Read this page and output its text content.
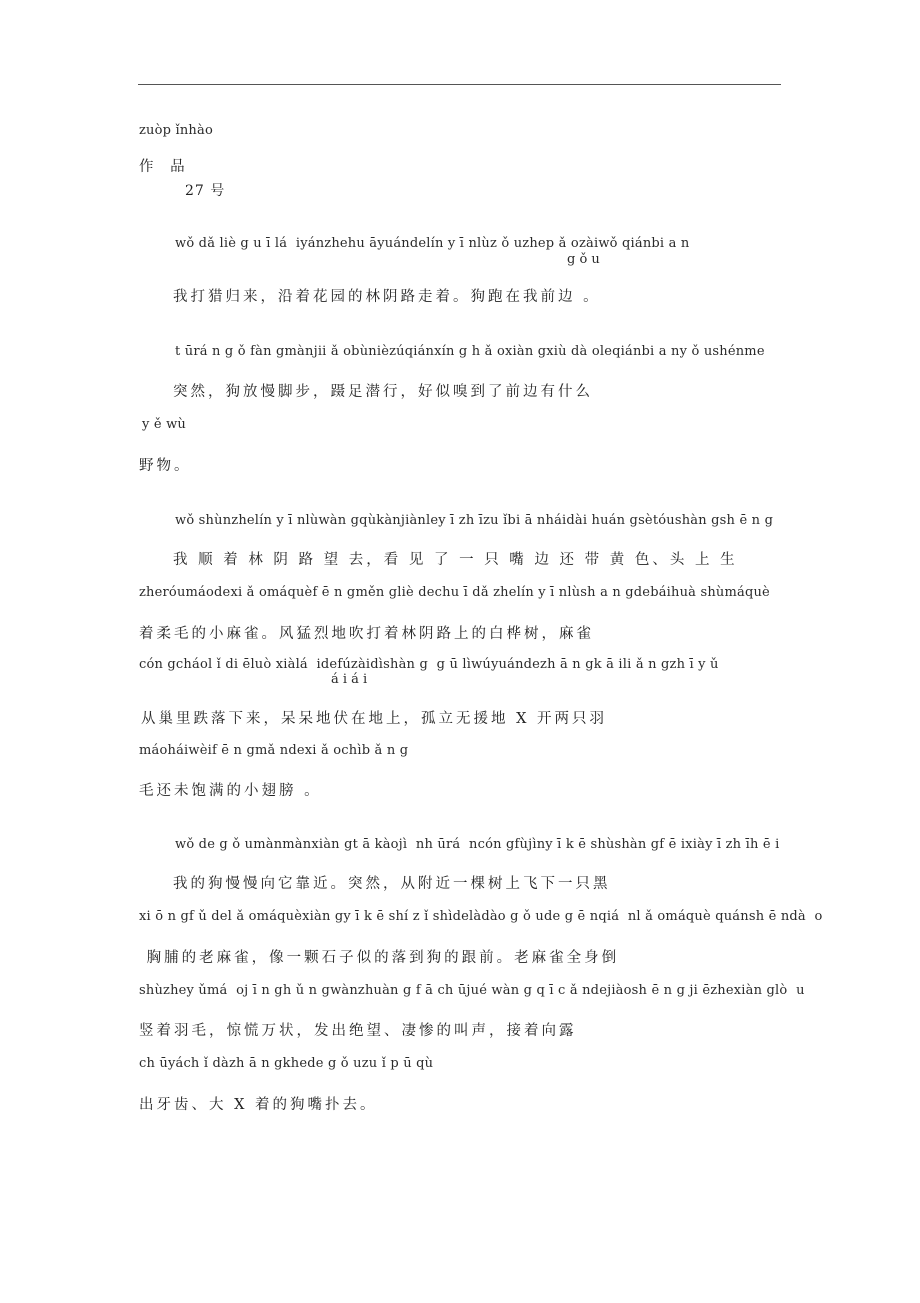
zuòp ǐnhào
作 品
27 号
wǒ dǎ liè g u ī lá  iyánzhehu āyuándelín y ī nlùz ǒ uzhep ǎ ozàiwǒ qiánbi a n
g ǒ u
我打猎归来，沿着花园的林阴路走着。狗跑在我前边 。
t ūrá n g ǒ fàn gmànjii ǎ obùnièzúqiánxín g h ǎ oxiàn gxiù dà oleqiánbi a ny ǒ ushénme
突然，狗放慢脚步，蹑足潜行，好似嗅到了前边有什么
y ě wù
野物。
wǒ shùnzhelín y ī nlùwàn gqùkànjiànley ī zh īzu ǐbi ā nháidài huán gsètóushàn gsh ē n g
我 顺 着 林 阴 路 望 去，看 见 了 一 只 嘴 边 还 带 黄 色、头 上 生
zheróumáodexi ǎ omáquèf ē n gměn gliè dechu ī dǎ zhelín y ī nlùsh a n gdebáihuà shùmáquè
着柔毛的小麻雀。风猛烈地吹打着林阴路上的白桦树，麻雀
cón gcháol ǐ di ēluò xiàlá  idefúzàidìshàn g  g ū lìwúyuándezh ā n gk ā ili ǎ n gzh ī y ǔ
á i á i
从巢里跌落下来，呆呆地伏在地上，孤立无援地 X 开两只羽
máoháiwèif ē n gmǎ ndexi ǎ ochìb ǎ n g
毛还未饱满的小翅膀 。
wǒ de g ǒ umànmànxiàn gt ā kàojì  nh ūrá  ncón gfùjìny ī k ē shùshàn gf ē ixiày ī zh īh ē i
我的狗慢慢向它靠近。突然，从附近一棵树上飞下一只黑
xi ō n gf ǔ del ǎ omáquèxiàn gy ī k ē shí z ǐ shìdelàdào g ǒ ude g ē nqiá  nl ǎ omáquè quánsh ē ndà  o
胸脯的老麻雀，像一颗石子似的落到狗的跟前。老麻雀全身倒
shùzhey ǔmá  oj ī n gh ǔ n gwànzhuàn g f ā ch ūjué wàn g q ī c ǎ ndejiàosh ē n g ji ēzhexiàn glò  u
竖着羽毛，惊慌万状，发出绝望、凄惨的叫声，接着向露
ch ūyách ǐ dàzh ā n gkhede g ǒ uzu ǐ p ū qù
出牙齿、大 X 着的狗嘴扑去。
